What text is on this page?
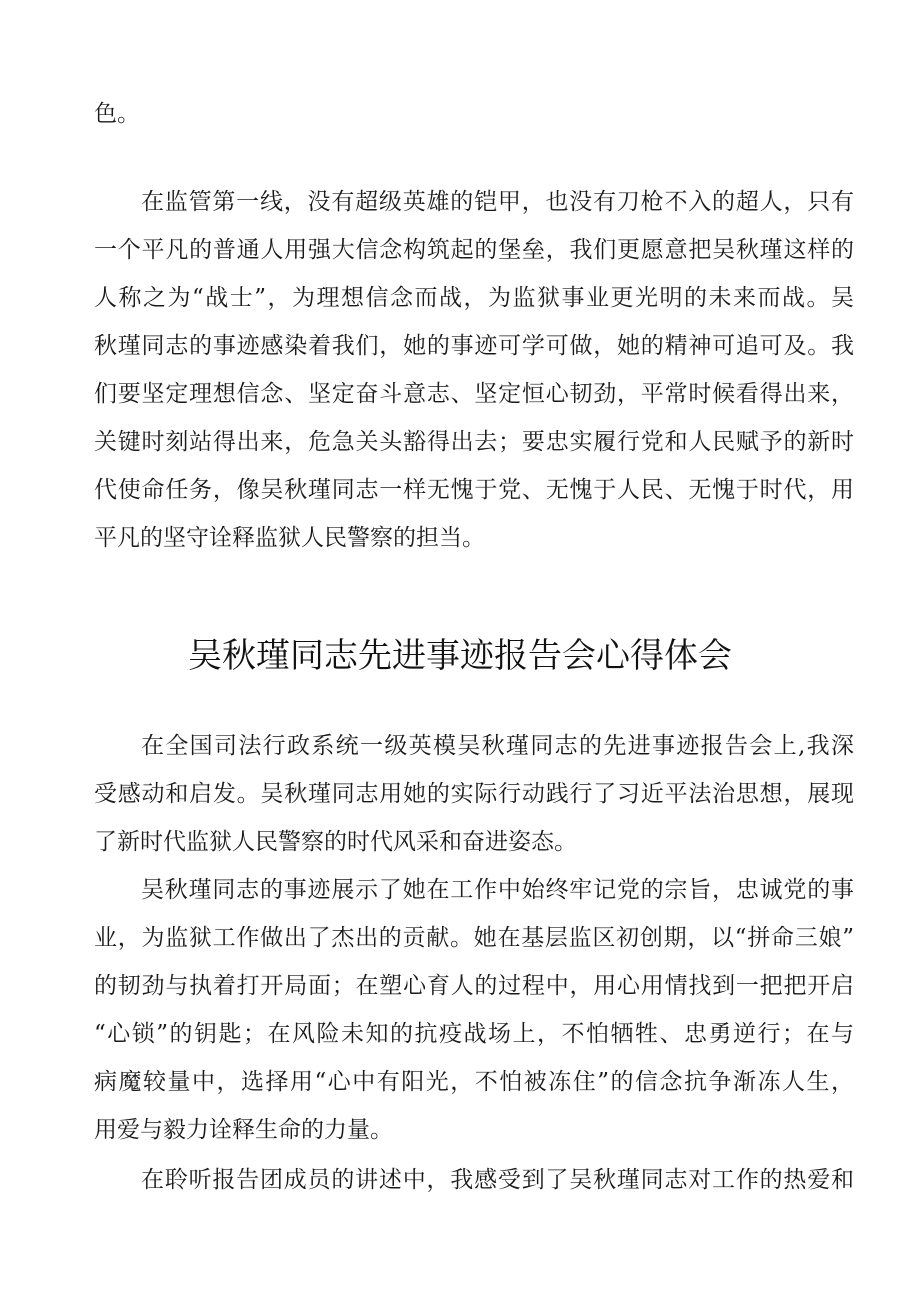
色。
在监管第一线，没有超级英雄的铠甲，也没有刀枪不入的超人，只有
一个平凡的普通人用强大信念构筑起的堡垒，我们更愿意把吴秋瑾这样的
人称之为“战士”，为理想信念而战，为监狱事业更光明的未来而战。吴
秋瑾同志的事迹感染着我们，她的事迹可学可做，她的精神可追可及。我
们要坚定理想信念、坚定奋斗意志、坚定恒心韧劲，平常时候看得出来，
关键时刻站得出来，危急关头豁得出去；要忠实履行党和人民赋予的新时
代使命任务，像吴秋瑾同志一样无愧于党、无愧于人民、无愧于时代，用
平凡的坚守诠释监狱人民警察的担当。
吴秋瑾同志先进事迹报告会心得体会
在全国司法行政系统一级英模吴秋瑾同志的先进事迹报告会上,我深
受感动和启发。吴秋瑾同志用她的实际行动践行了习近平法治思想，展现
了新时代监狱人民警察的时代风采和奋进姿态。
吴秋瑾同志的事迹展示了她在工作中始终牢记党的宗旨，忠诚党的事
业，为监狱工作做出了杰出的贡献。她在基层监区初创期，以“拼命三娘”
的韧劲与执着打开局面；在塑心育人的过程中，用心用情找到一把把开启
“心锁”的钥匙；在风险未知的抗疫战场上，不怕牺牲、忠勇逆行；在与
病魔较量中，选择用“心中有阳光，不怕被冻住”的信念抗争渐冻人生，
用爱与毅力诠释生命的力量。
在聆听报告团成员的讲述中，我感受到了吴秋瑾同志对工作的热爱和
